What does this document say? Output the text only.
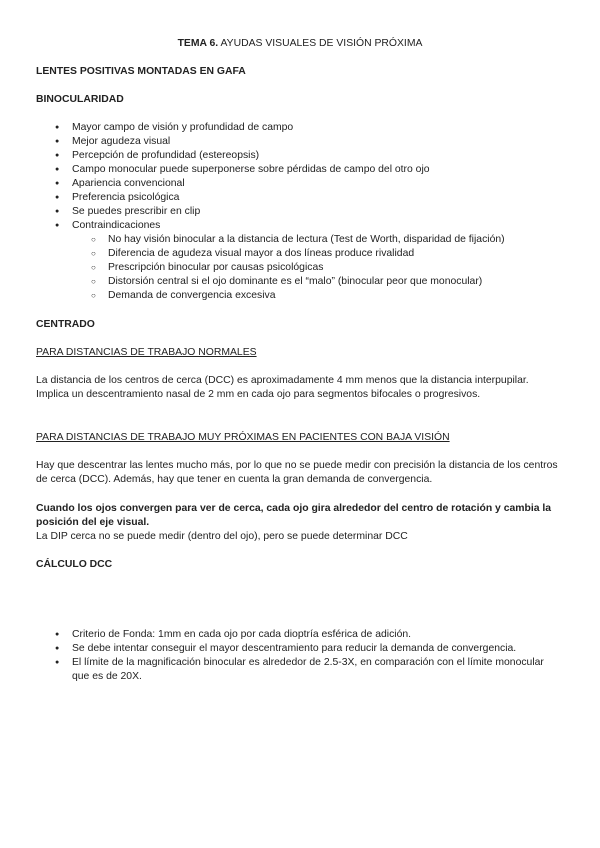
TEMA 6. AYUDAS VISUALES DE VISIÓN PRÓXIMA
LENTES POSITIVAS MONTADAS EN GAFA
BINOCULARIDAD
● Mayor campo de visión y profundidad de campo
● Mejor agudeza visual
● Percepción de profundidad (estereopsis)
● Campo monocular puede superponerse sobre pérdidas de campo del otro ojo
● Apariencia convencional
● Preferencia psicológica
● Se puedes prescribir en clip
● Contraindicaciones
○ No hay visión binocular a la distancia de lectura (Test de Worth, disparidad de fijación)
○ Diferencia de agudeza visual mayor a dos líneas produce rivalidad
○ Prescripción binocular por causas psicológicas
○ Distorsión central si el ojo dominante es el “malo” (binocular peor que monocular)
○ Demanda de convergencia excesiva
CENTRADO
PARA DISTANCIAS DE TRABAJO NORMALES
La distancia de los centros de cerca (DCC) es aproximadamente 4 mm menos que la distancia interpupilar. Implica un descentramiento nasal de 2 mm en cada ojo para segmentos bifocales o progresivos.
PARA DISTANCIAS DE TRABAJO MUY PRÓXIMAS EN PACIENTES CON BAJA VISIÓN
Hay que descentrar las lentes mucho más, por lo que no se puede medir con precisión la distancia de los centros de cerca (DCC). Además, hay que tener en cuenta la gran demanda de convergencia.
Cuando los ojos convergen para ver de cerca, cada ojo gira alrededor del centro de rotación y cambia la posición del eje visual.
La DIP cerca no se puede medir (dentro del ojo), pero se puede determinar DCC
CÁLCULO DCC
● Criterio de Fonda: 1mm en cada ojo por cada dioptría esférica de adición.
● Se debe intentar conseguir el mayor descentramiento para reducir la demanda de convergencia.
● El límite de la magnificación binocular es alrededor de 2.5-3X, en comparación con el límite monocular que es de 20X.
